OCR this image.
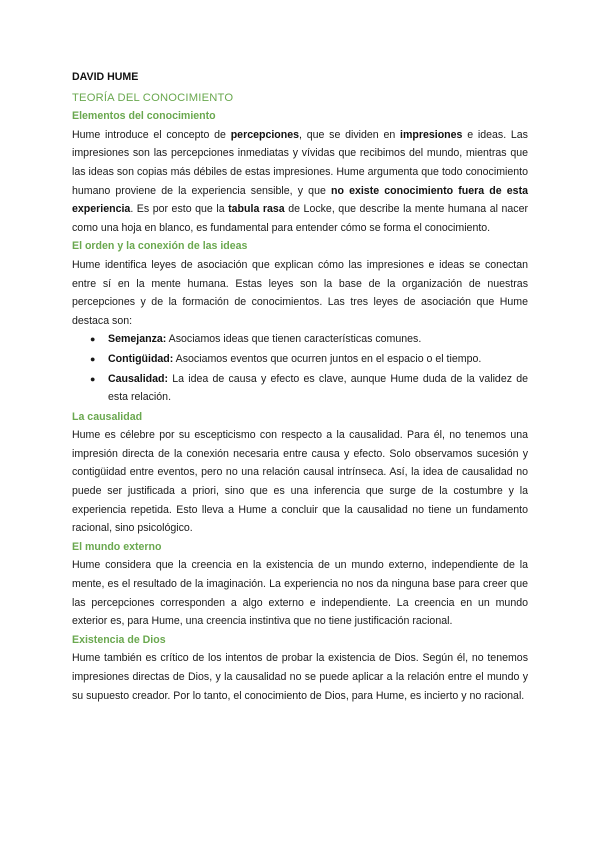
DAVID HUME
TEORÍA DEL CONOCIMIENTO
Elementos del conocimiento

Hume introduce el concepto de percepciones, que se dividen en impresiones e ideas. Las impresiones son las percepciones inmediatas y vívidas que recibimos del mundo, mientras que las ideas son copias más débiles de estas impresiones. Hume argumenta que todo conocimiento humano proviene de la experiencia sensible, y que no existe conocimiento fuera de esta experiencia. Es por esto que la tabula rasa de Locke, que describe la mente humana al nacer como una hoja en blanco, es fundamental para entender cómo se forma el conocimiento.

El orden y la conexión de las ideas

Hume identifica leyes de asociación que explican cómo las impresiones e ideas se conectan entre sí en la mente humana. Estas leyes son la base de la organización de nuestras percepciones y de la formación de conocimientos. Las tres leyes de asociación que Hume destaca son:

● Semejanza: Asociamos ideas que tienen características comunes.
● Contigüidad: Asociamos eventos que ocurren juntos en el espacio o el tiempo.
● Causalidad: La idea de causa y efecto es clave, aunque Hume duda de la validez de esta relación.
La causalidad

Hume es célebre por su escepticismo con respecto a la causalidad. Para él, no tenemos una impresión directa de la conexión necesaria entre causa y efecto. Solo observamos sucesión y contigüidad entre eventos, pero no una relación causal intrínseca. Así, la idea de causalidad no puede ser justificada a priori, sino que es una inferencia que surge de la costumbre y la experiencia repetida. Esto lleva a Hume a concluir que la causalidad no tiene un fundamento racional, sino psicológico.

El mundo externo

Hume considera que la creencia en la existencia de un mundo externo, independiente de la mente, es el resultado de la imaginación. La experiencia no nos da ninguna base para creer que las percepciones corresponden a algo externo e independiente. La creencia en un mundo exterior es, para Hume, una creencia instintiva que no tiene justificación racional.

Existencia de Dios

Hume también es crítico de los intentos de probar la existencia de Dios. Según él, no tenemos impresiones directas de Dios, y la causalidad no se puede aplicar a la relación entre el mundo y su supuesto creador. Por lo tanto, el conocimiento de Dios, para Hume, es incierto y no racional.
